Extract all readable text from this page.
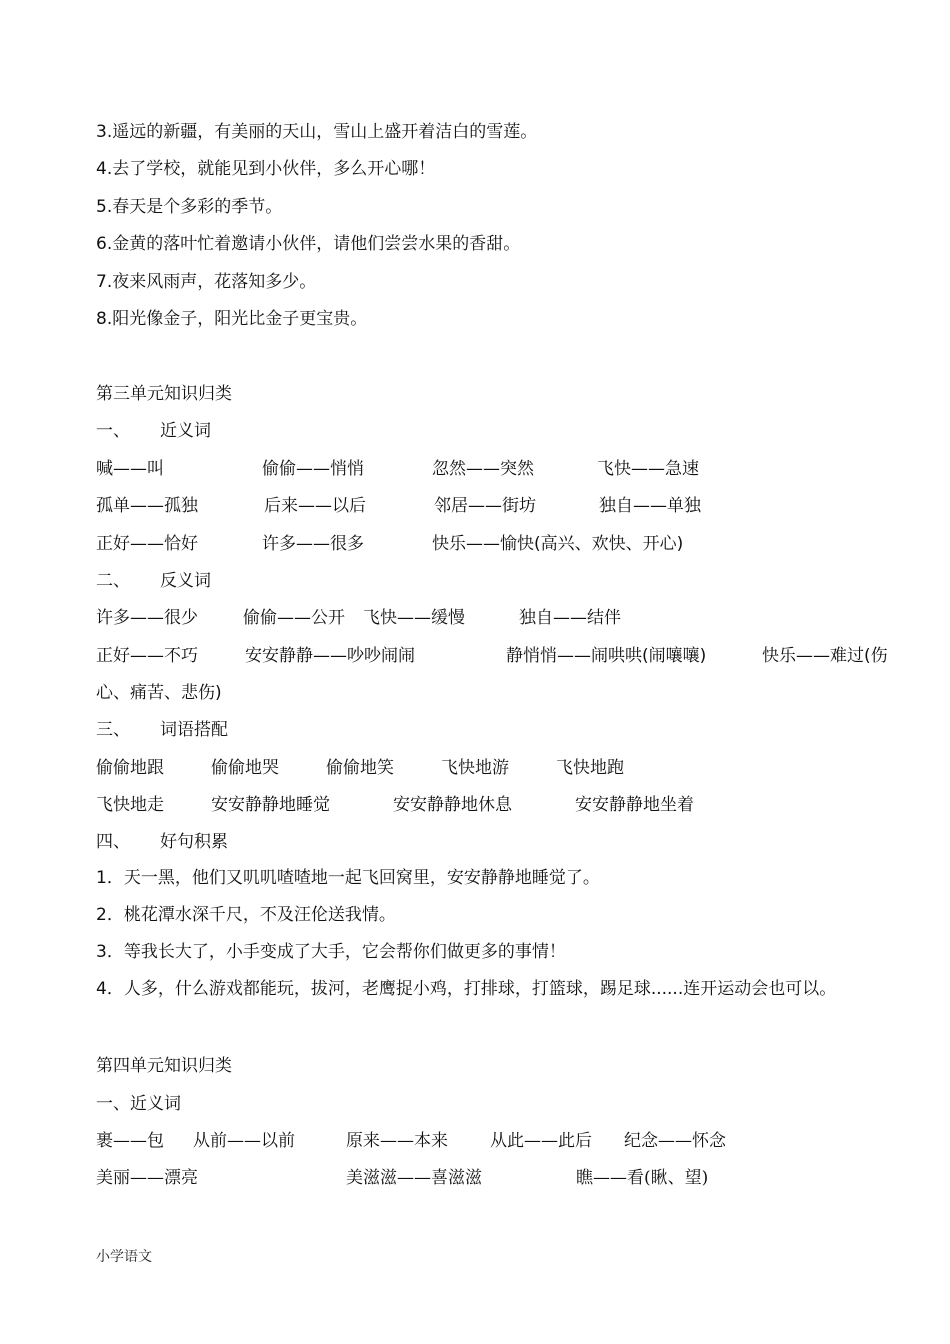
3.遥远的新疆，有美丽的天山，雪山上盛开着洁白的雪莲。
4.去了学校，就能见到小伙伴，多么开心哪！
5.春天是个多彩的季节。
6.金黄的落叶忙着邀请小伙伴，请他们尝尝水果的香甜。
7.夜来风雨声，花落知多少。
8.阳光像金子，阳光比金子更宝贵。
第三单元知识归类
一、 近义词
喊——叫	偷偷——悄悄	忽然——突然	飞快——急速
孤单——孤独	后来——以后	邻居——街坊	独自——单独
正好——恰好	许多——很多	快乐——愉快(高兴、欢快、开心)
二、 反义词
许多——很少	偷偷——公开 飞快——缓慢	独自——结伴
正好——不巧	安安静静——吵吵闹闹	静悄悄——闹哄哄(闹嚷嚷)	快乐——难过(伤
心、痛苦、悲伤)
三、 词语搭配
偷偷地跟	偷偷地哭	偷偷地笑	飞快地游	飞快地跑
飞快地走	安安静静地睡觉	安安静静地休息	安安静静地坐着
四、 好句积累
1．天一黑，他们又叽叽喳喳地一起飞回窝里，安安静静地睡觉了。
2．桃花潭水深千尺，不及汪伦送我情。
3．等我长大了，小手变成了大手，它会帮你们做更多的事情！
4．人多，什么游戏都能玩，拔河，老鹰捉小鸡，打排球，打篮球，踢足球......连开运动会也可以。
第四单元知识归类
一、近义词
裹——包 从前——以前	原来——本来 从此——此后 纪念——怀念
美丽——漂亮	美滋滋——喜滋滋	瞧——看(瞅、望)
小学语文
